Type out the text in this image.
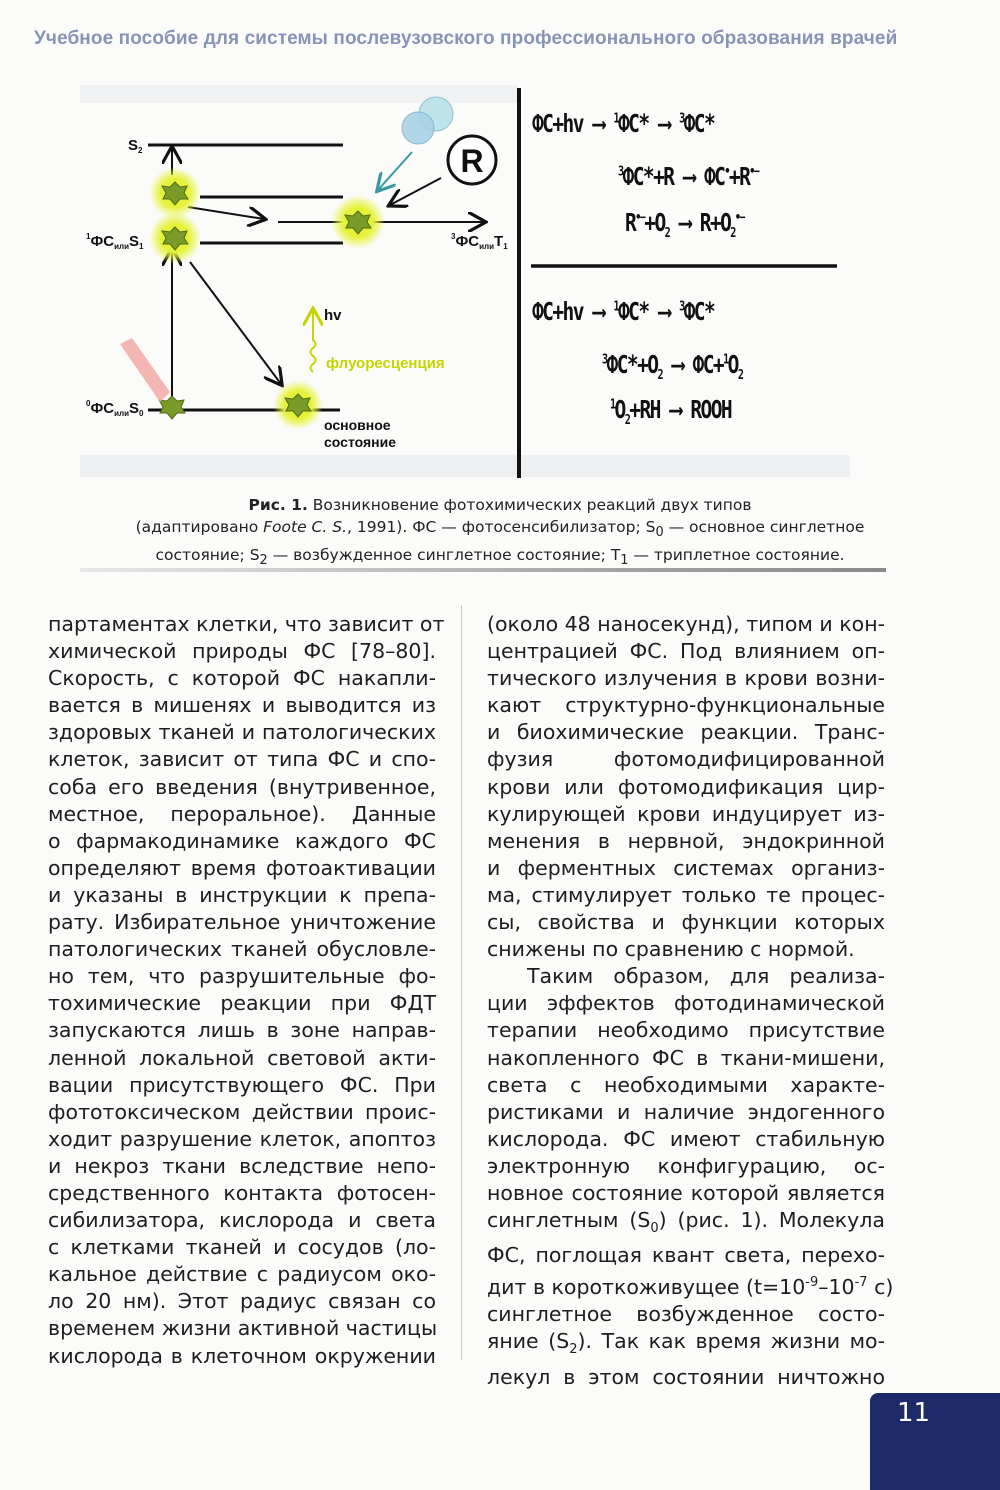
Учебное пособие для системы послевузовского профессионального образования врачей
R
hv
флуоресценция
основное
состояние
$S_2$
$^1ФС_{или}S_1$
$^3ФС_{или}T_1$
$^0ФС_{или}S_0$
ФС+hv ⟶ $^1$ФС* ⟶ $^3$ФС*
$^3$ФС*+R ⟶ ФС•+R•−
$R^{•-}+O_2$ ⟶ $R+O_2^{•-}$
ФС+hv ⟶ $^1$ФС* ⟶ $^3$ФС*
$^3ФС*+O_2$ ⟶ $ФС+^1O_2$
$^1O_2+RH$ ⟶ ROOH
Рис. 1. Возникновение фотохимических реакций двух типов
(адаптировано Foote C. S., 1991). ФС — фотосенсибилизатор; $S_0$ — основное синглетное
состояние; $S_2$ — возбужденное синглетное состояние; $T_1$ — триплетное состояние.
партаментах клетки, что зависит от
химической природы ФС [78–80].
Скорость, с которой ФС накапли-
вается в мишенях и выводится из
здоровых тканей и патологических
клеток, зависит от типа ФС и спо-
соба его введения (внутривенное,
местное, пероральное). Данные
о фармакодинамике каждого ФС
определяют время фотоактивации
и указаны в инструкции к препа-
рату. Избирательное уничтожение
патологических тканей обусловле-
но тем, что разрушительные фо-
тохимические реакции при ФДТ
запускаются лишь в зоне направ-
ленной локальной световой акти-
вации присутствующего ФС. При
фототоксическом действии проис-
ходит разрушение клеток, апоптоз
и некроз ткани вследствие непо-
средственного контакта фотосен-
сибилизатора, кислорода и света
с клетками тканей и сосудов (ло-
кальное действие с радиусом око-
ло 20 нм). Этот радиус связан со
временем жизни активной частицы
кислорода в клеточном окружении
(около 48 наносекунд), типом и кон-
центрацией ФС. Под влиянием оп-
тического излучения в крови возни-
кают структурно-функциональные
и биохимические реакции. Транс-
фузия фотомодифицированной
крови или фотомодификация цир-
кулирующей крови индуцирует из-
менения в нервной, эндокринной
и ферментных системах организ-
ма, стимулирует только те процес-
сы, свойства и функции которых
снижены по сравнению с нормой.
Таким образом, для реализа-
ции эффектов фотодинамической
терапии необходимо присутствие
накопленного ФС в ткани-мишени,
света с необходимыми характе-
ристиками и наличие эндогенного
кислорода. ФС имеют стабильную
электронную конфигурацию, ос-
новное состояние которой является
синглетным $(S_0)$ (рис. 1). Молекула
ФС, поглощая квант света, перехо-
дит в короткоживущее ($t=10^{-9}-10^{-7}$ с)
синглетное возбужденное состо-
яние $(S_2)$. Так как время жизни мо-
лекул в этом состоянии ничтожно
11
